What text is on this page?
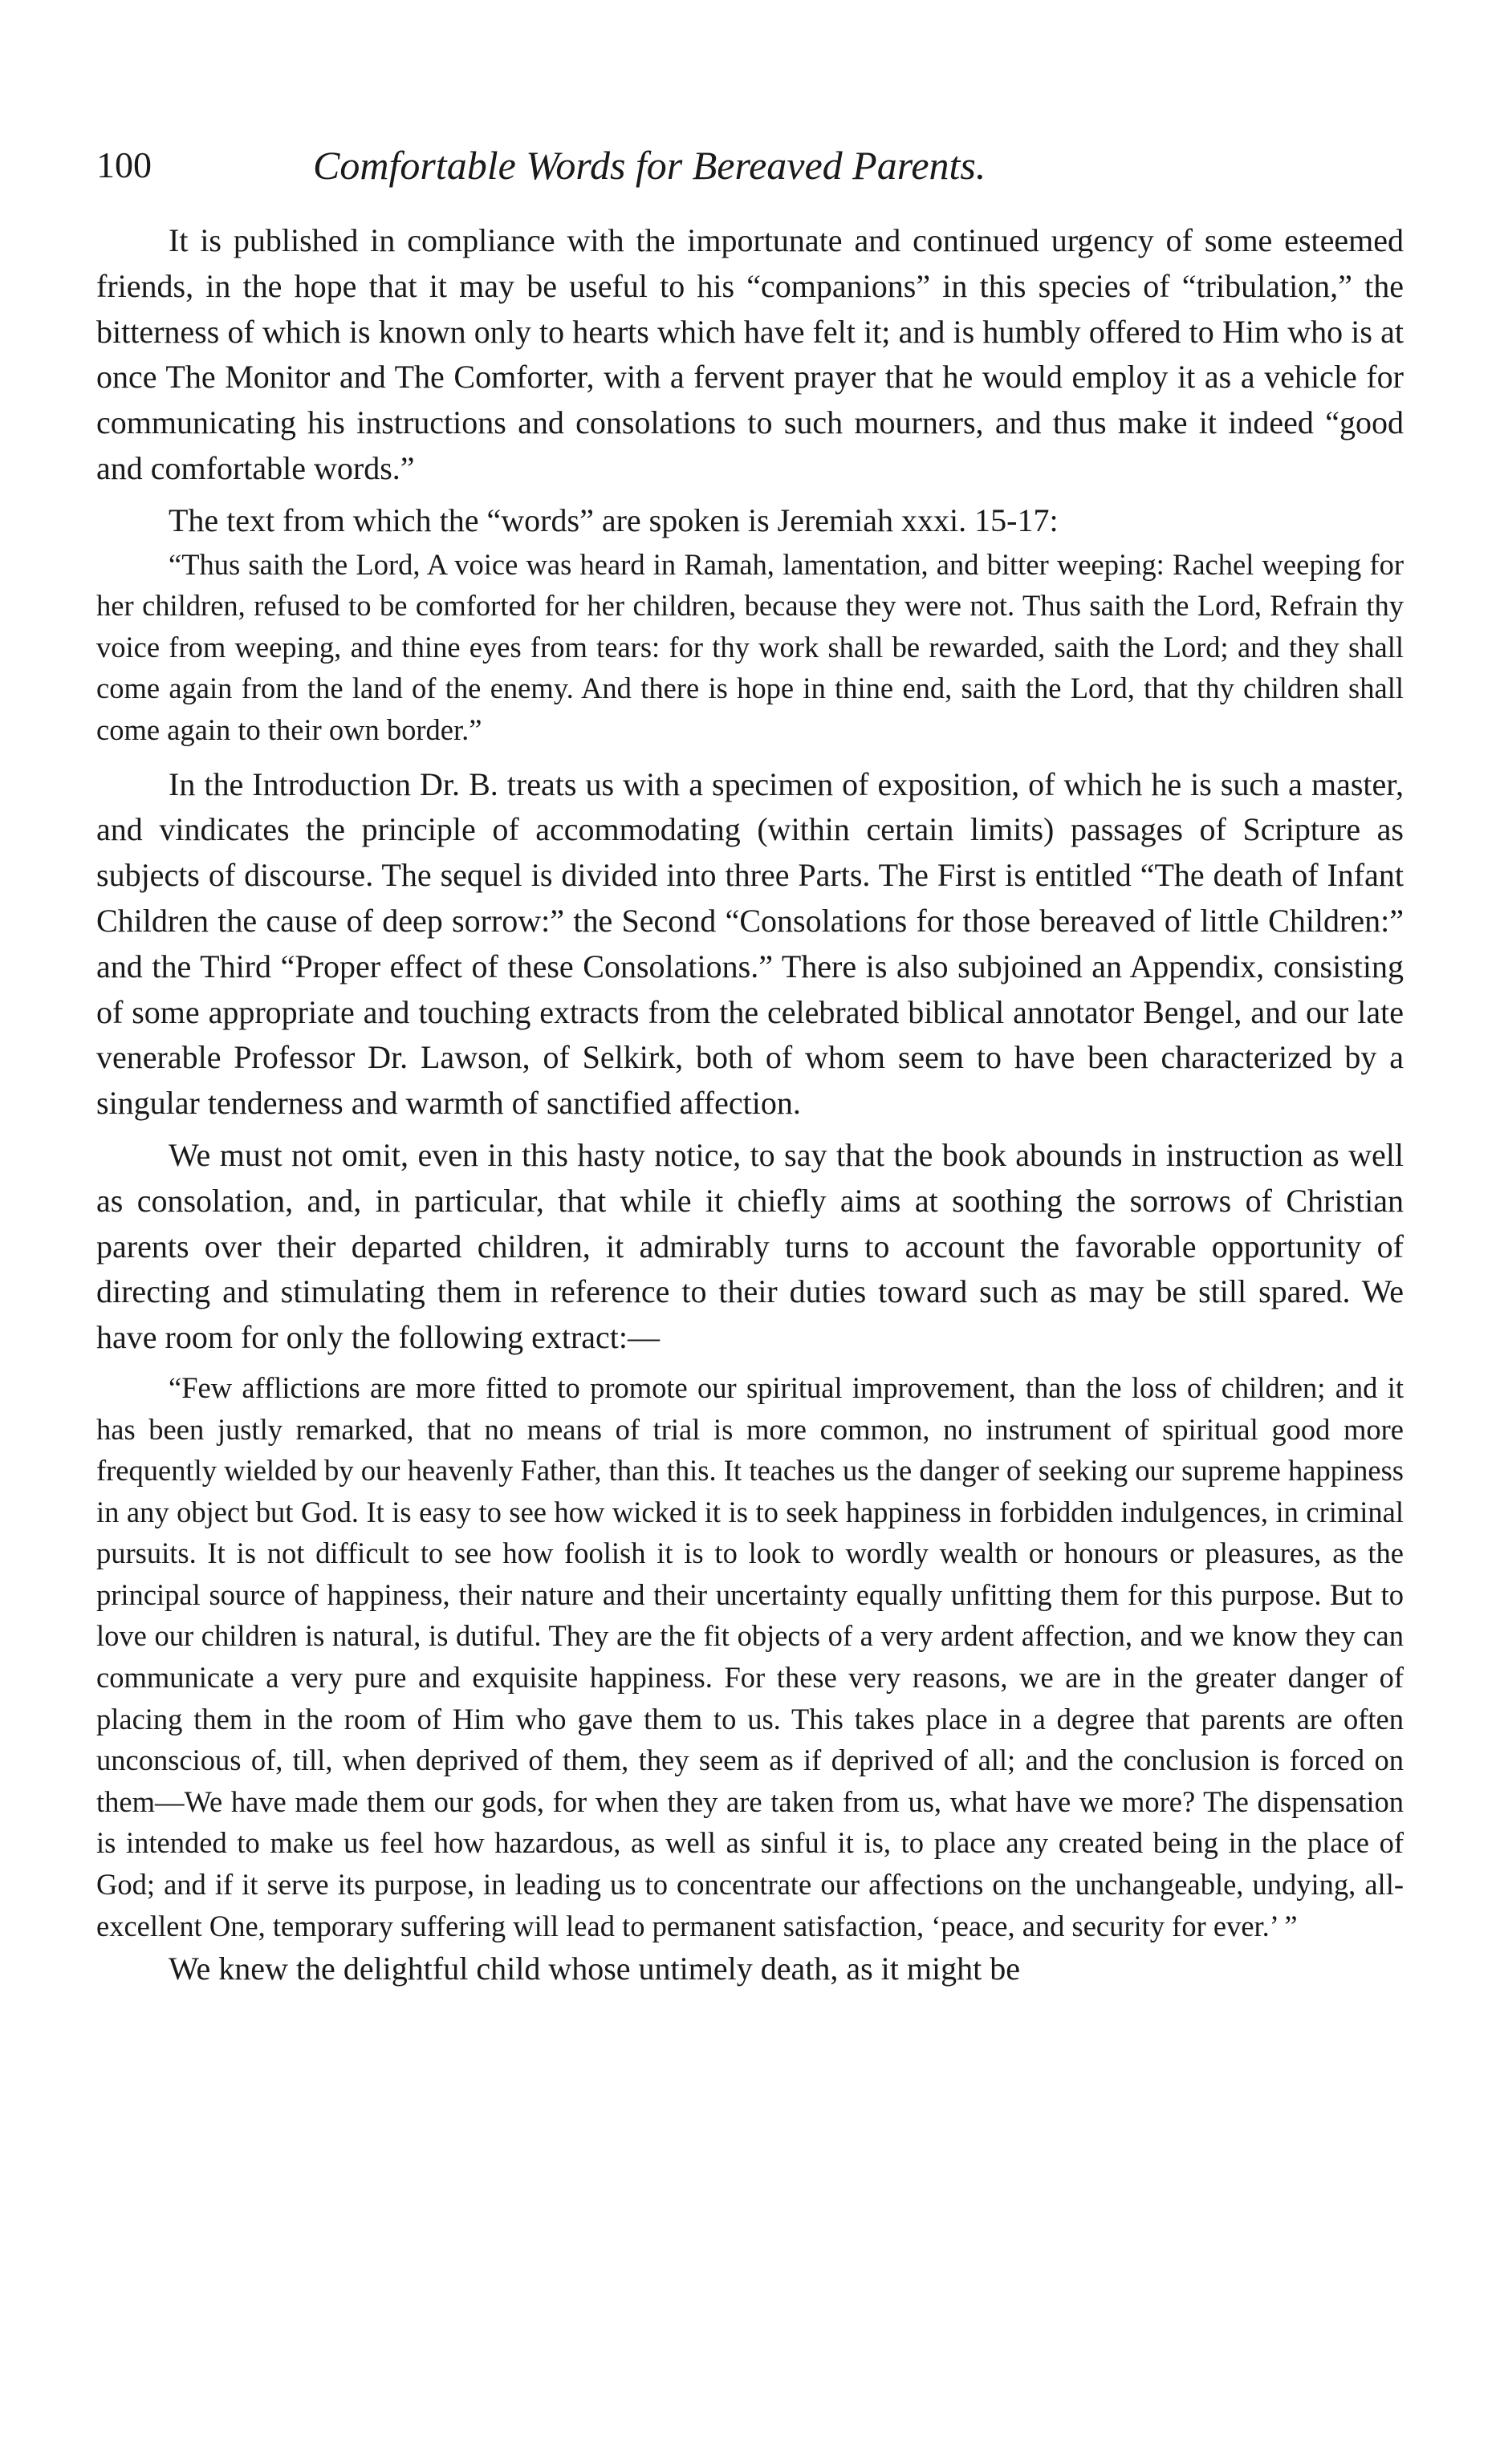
100	Comfortable Words for Bereaved Parents.

It is published in compliance with the importunate and continued urgency of some esteemed friends, in the hope that it may be useful to his “companions” in this species of “tribulation,” the bitterness of which is known only to hearts which have felt it; and is humbly offered to Him who is at once The Monitor and The Comforter, with a fervent prayer that he would employ it as a vehicle for communicating his instructions and consolations to such mourners, and thus make it indeed “good and comfortable words.”

The text from which the “words” are spoken is Jeremiah xxxi. 15-17:

“Thus saith the Lord, A voice was heard in Ramah, lamentation, and bitter weeping: Rachel weeping for her children, refused to be comforted for her children, because they were not. Thus saith the Lord, Refrain thy voice from weeping, and thine eyes from tears: for thy work shall be rewarded, saith the Lord; and they shall come again from the land of the enemy. And there is hope in thine end, saith the Lord, that thy children shall come again to their own border.”

In the Introduction Dr. B. treats us with a specimen of exposition, of which he is such a master, and vindicates the principle of accommodating (within certain limits) passages of Scripture as subjects of discourse. The sequel is divided into three Parts. The First is entitled “The death of Infant Children the cause of deep sorrow:” the Second “Consolations for those bereaved of little Children:” and the Third “Proper effect of these Consolations.” There is also subjoined an Appendix, consisting of some appropriate and touching extracts from the celebrated biblical annotator Bengel, and our late venerable Professor Dr. Lawson, of Selkirk, both of whom seem to have been characterized by a singular tenderness and warmth of sanctified affection.

We must not omit, even in this hasty notice, to say that the book abounds in instruction as well as consolation, and, in particular, that while it chiefly aims at soothing the sorrows of Christian parents over their departed children, it admirably turns to account the favorable opportunity of directing and stimulating them in reference to their duties toward such as may be still spared. We have room for only the following extract:—

“Few afflictions are more fitted to promote our spiritual improvement, than the loss of children; and it has been justly remarked, that no means of trial is more common, no instrument of spiritual good more frequently wielded by our heavenly Father, than this. It teaches us the danger of seeking our supreme happiness in any object but God. It is easy to see how wicked it is to seek happiness in forbidden indulgences, in criminal pursuits. It is not difficult to see how foolish it is to look to wordly wealth or honours or pleasures, as the principal source of happiness, their nature and their uncertainty equally unfitting them for this purpose. But to love our children is natural, is dutiful. They are the fit objects of a very ardent affection, and we know they can communicate a very pure and exquisite happiness. For these very reasons, we are in the greater danger of placing them in the room of Him who gave them to us. This takes place in a degree that parents are often unconscious of, till, when deprived of them, they seem as if deprived of all; and the conclusion is forced on them—We have made them our gods, for when they are taken from us, what have we more? The dispensation is intended to make us feel how hazardous, as well as sinful it is, to place any created being in the place of God; and if it serve its purpose, in leading us to concentrate our affections on the unchangeable, undying, all-excellent One, temporary suffering will lead to permanent satisfaction, ‘peace, and security for ever.’ ”

We knew the delightful child whose untimely death, as it might be
